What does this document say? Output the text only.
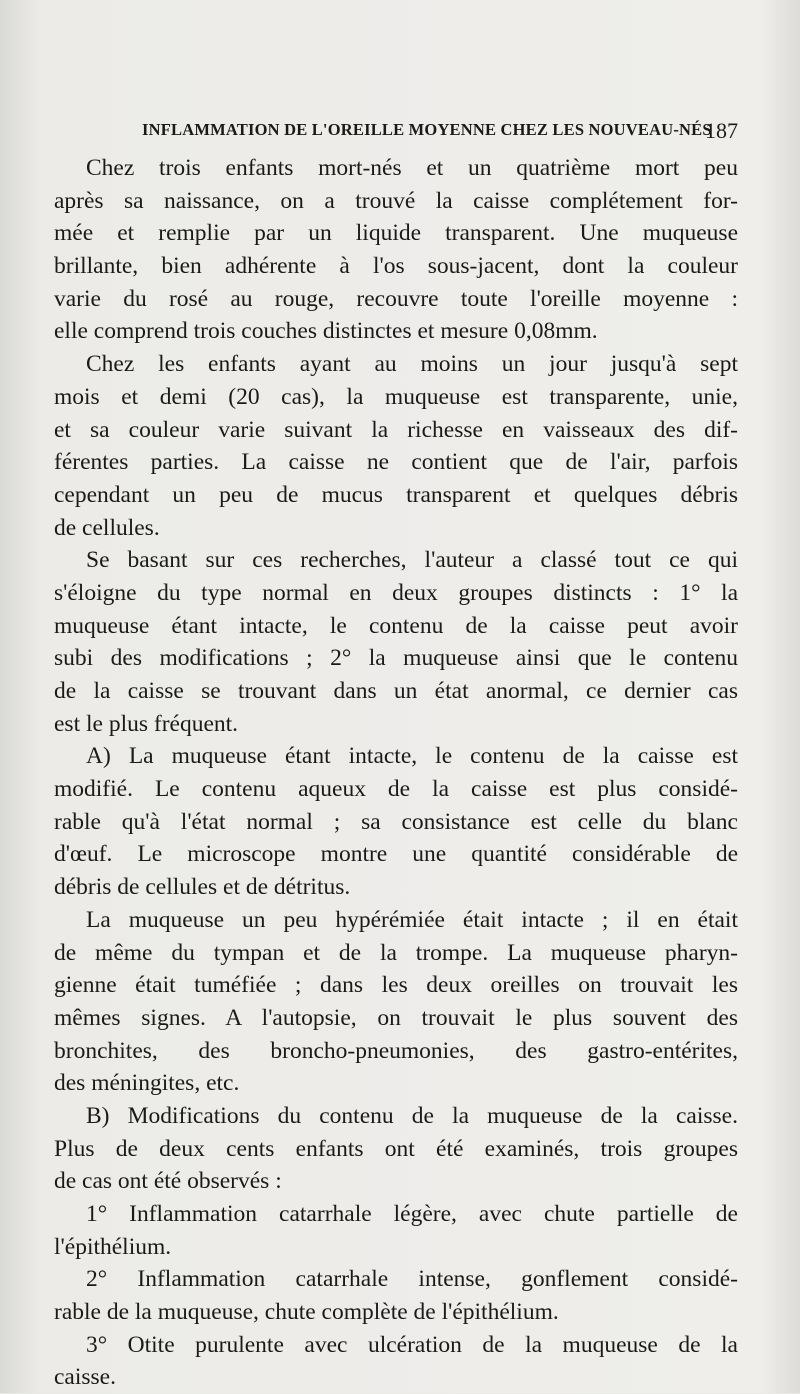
INFLAMMATION DE L'OREILLE MOYENNE CHEZ LES NOUVEAU-NÉS
187

Chez trois enfants mort-nés et un quatrième mort peu
après sa naissance, on a trouvé la caisse complétement for-
mée et remplie par un liquide transparent. Une muqueuse
brillante, bien adhérente à l'os sous-jacent, dont la couleur
varie du rosé au rouge, recouvre toute l'oreille moyenne :
elle comprend trois couches distinctes et mesure 0,08mm.

Chez les enfants ayant au moins un jour jusqu'à sept
mois et demi (20 cas), la muqueuse est transparente, unie,
et sa couleur varie suivant la richesse en vaisseaux des dif-
férentes parties. La caisse ne contient que de l'air, parfois
cependant un peu de mucus transparent et quelques débris
de cellules.

Se basant sur ces recherches, l'auteur a classé tout ce qui
s'éloigne du type normal en deux groupes distincts : 1° la
muqueuse étant intacte, le contenu de la caisse peut avoir
subi des modifications ; 2° la muqueuse ainsi que le contenu
de la caisse se trouvant dans un état anormal, ce dernier cas
est le plus fréquent.

A) La muqueuse étant intacte, le contenu de la caisse est
modifié. Le contenu aqueux de la caisse est plus considé-
rable qu'à l'état normal ; sa consistance est celle du blanc
d'œuf. Le microscope montre une quantité considérable de
débris de cellules et de détritus.

La muqueuse un peu hypérémiée était intacte ; il en était
de même du tympan et de la trompe. La muqueuse pharyn-
gienne était tuméfiée ; dans les deux oreilles on trouvait les
mêmes signes. A l'autopsie, on trouvait le plus souvent des
bronchites, des broncho-pneumonies, des gastro-entérites,
des méningites, etc.

B) Modifications du contenu de la muqueuse de la caisse.
Plus de deux cents enfants ont été examinés, trois groupes
de cas ont été observés :

1° Inflammation catarrhale légère, avec chute partielle de
l'épithélium.

2° Inflammation catarrhale intense, gonflement considé-
rable de la muqueuse, chute complète de l'épithélium.

3° Otite purulente avec ulcération de la muqueuse de la
caisse.
